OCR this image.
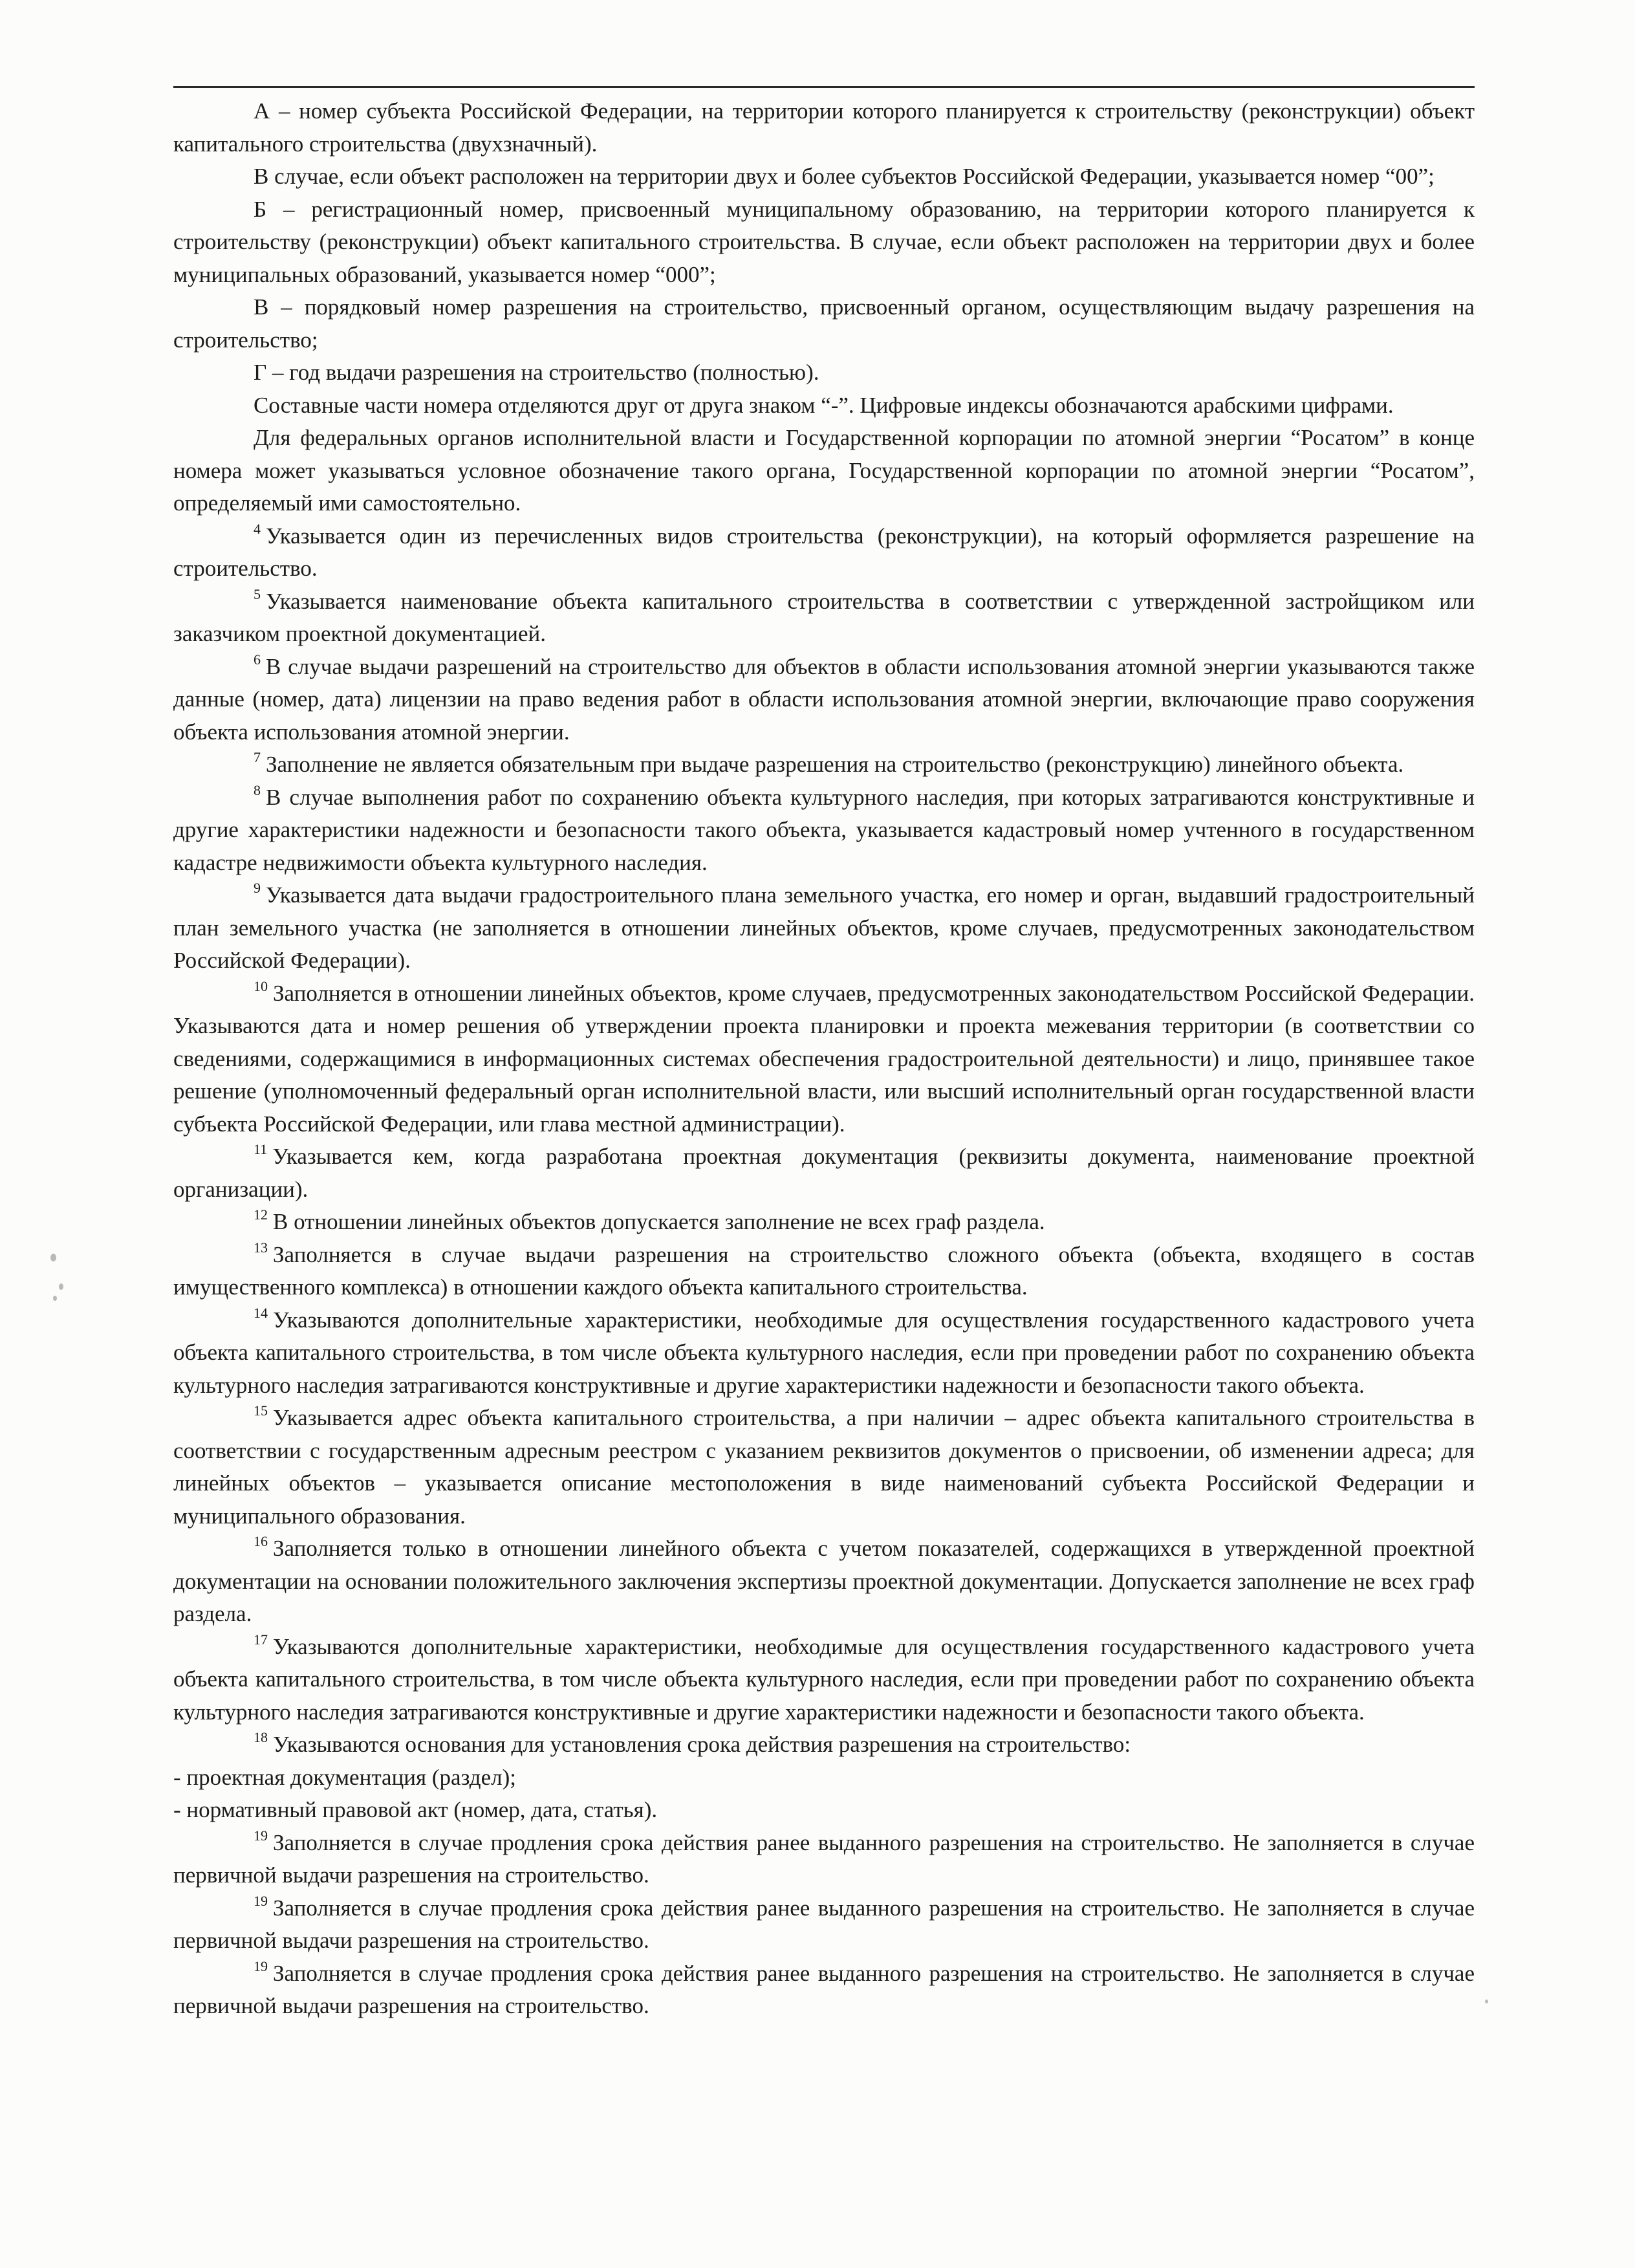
А – номер субъекта Российской Федерации, на территории которого планируется к строительству (реконструкции) объект капитального строительства (двухзначный).

В случае, если объект расположен на территории двух и более субъектов Российской Федерации, указывается номер “00”;

Б – регистрационный номер, присвоенный муниципальному образованию, на территории которого планируется к строительству (реконструкции) объект капитального строительства. В случае, если объект расположен на территории двух и более муниципальных образований, указывается номер “000”;

В – порядковый номер разрешения на строительство, присвоенный органом, осуществляющим выдачу разрешения на строительство;

Г – год выдачи разрешения на строительство (полностью).

Составные части номера отделяются друг от друга знаком “-”. Цифровые индексы обозначаются арабскими цифрами.

Для федеральных органов исполнительной власти и Государственной корпорации по атомной энергии “Росатом” в конце номера может указываться условное обозначение такого органа, Государственной корпорации по атомной энергии “Росатом”, определяемый ими самостоятельно.

$^4$ Указывается один из перечисленных видов строительства (реконструкции), на который оформляется разрешение на строительство.

$^5$ Указывается наименование объекта капитального строительства в соответствии с утвержденной застройщиком или заказчиком проектной документацией.

$^6$ В случае выдачи разрешений на строительство для объектов в области использования атомной энергии указываются также данные (номер, дата) лицензии на право ведения работ в области использования атомной энергии, включающие право сооружения объекта использования атомной энергии.

$^7$ Заполнение не является обязательным при выдаче разрешения на строительство (реконструкцию) линейного объекта.

$^8$ В случае выполнения работ по сохранению объекта культурного наследия, при которых затрагиваются конструктивные и другие характеристики надежности и безопасности такого объекта, указывается кадастровый номер учтенного в государственном кадастре недвижимости объекта культурного наследия.

$^9$ Указывается дата выдачи градостроительного плана земельного участка, его номер и орган, выдавший градостроительный план земельного участка (не заполняется в отношении линейных объектов, кроме случаев, предусмотренных законодательством Российской Федерации).

$^{10}$ Заполняется в отношении линейных объектов, кроме случаев, предусмотренных законодательством Российской Федерации. Указываются дата и номер решения об утверждении проекта планировки и проекта межевания территории (в соответствии со сведениями, содержащимися в информационных системах обеспечения градостроительной деятельности) и лицо, принявшее такое решение (уполномоченный федеральный орган исполнительной власти, или высший исполнительный орган государственной власти субъекта Российской Федерации, или глава местной администрации).

$^{11}$ Указывается кем, когда разработана проектная документация (реквизиты документа, наименование проектной организации).

$^{12}$ В отношении линейных объектов допускается заполнение не всех граф раздела.

$^{13}$ Заполняется в случае выдачи разрешения на строительство сложного объекта (объекта, входящего в состав имущественного комплекса) в отношении каждого объекта капитального строительства.

$^{14}$ Указываются дополнительные характеристики, необходимые для осуществления государственного кадастрового учета объекта капитального строительства, в том числе объекта культурного наследия, если при проведении работ по сохранению объекта культурного наследия затрагиваются конструктивные и другие характеристики надежности и безопасности такого объекта.

$^{15}$ Указывается адрес объекта капитального строительства, а при наличии – адрес объекта капитального строительства в соответствии с государственным адресным реестром с указанием реквизитов документов о присвоении, об изменении адреса; для линейных объектов – указывается описание местоположения в виде наименований субъекта Российской Федерации и муниципального образования.

$^{16}$ Заполняется только в отношении линейного объекта с учетом показателей, содержащихся в утвержденной проектной документации на основании положительного заключения экспертизы проектной документации. Допускается заполнение не всех граф раздела.

$^{17}$ Указываются дополнительные характеристики, необходимые для осуществления государственного кадастрового учета объекта капитального строительства, в том числе объекта культурного наследия, если при проведении работ по сохранению объекта культурного наследия затрагиваются конструктивные и другие характеристики надежности и безопасности такого объекта.

$^{18}$ Указываются основания для установления срока действия разрешения на строительство:

- проектная документация (раздел);

- нормативный правовой акт (номер, дата, статья).

$^{19}$ Заполняется в случае продления срока действия ранее выданного разрешения на строительство. Не заполняется в случае первичной выдачи разрешения на строительство.

$^{19}$ Заполняется в случае продления срока действия ранее выданного разрешения на строительство. Не заполняется в случае первичной выдачи разрешения на строительство.

$^{19}$ Заполняется в случае продления срока действия ранее выданного разрешения на строительство. Не заполняется в случае первичной выдачи разрешения на строительство.
